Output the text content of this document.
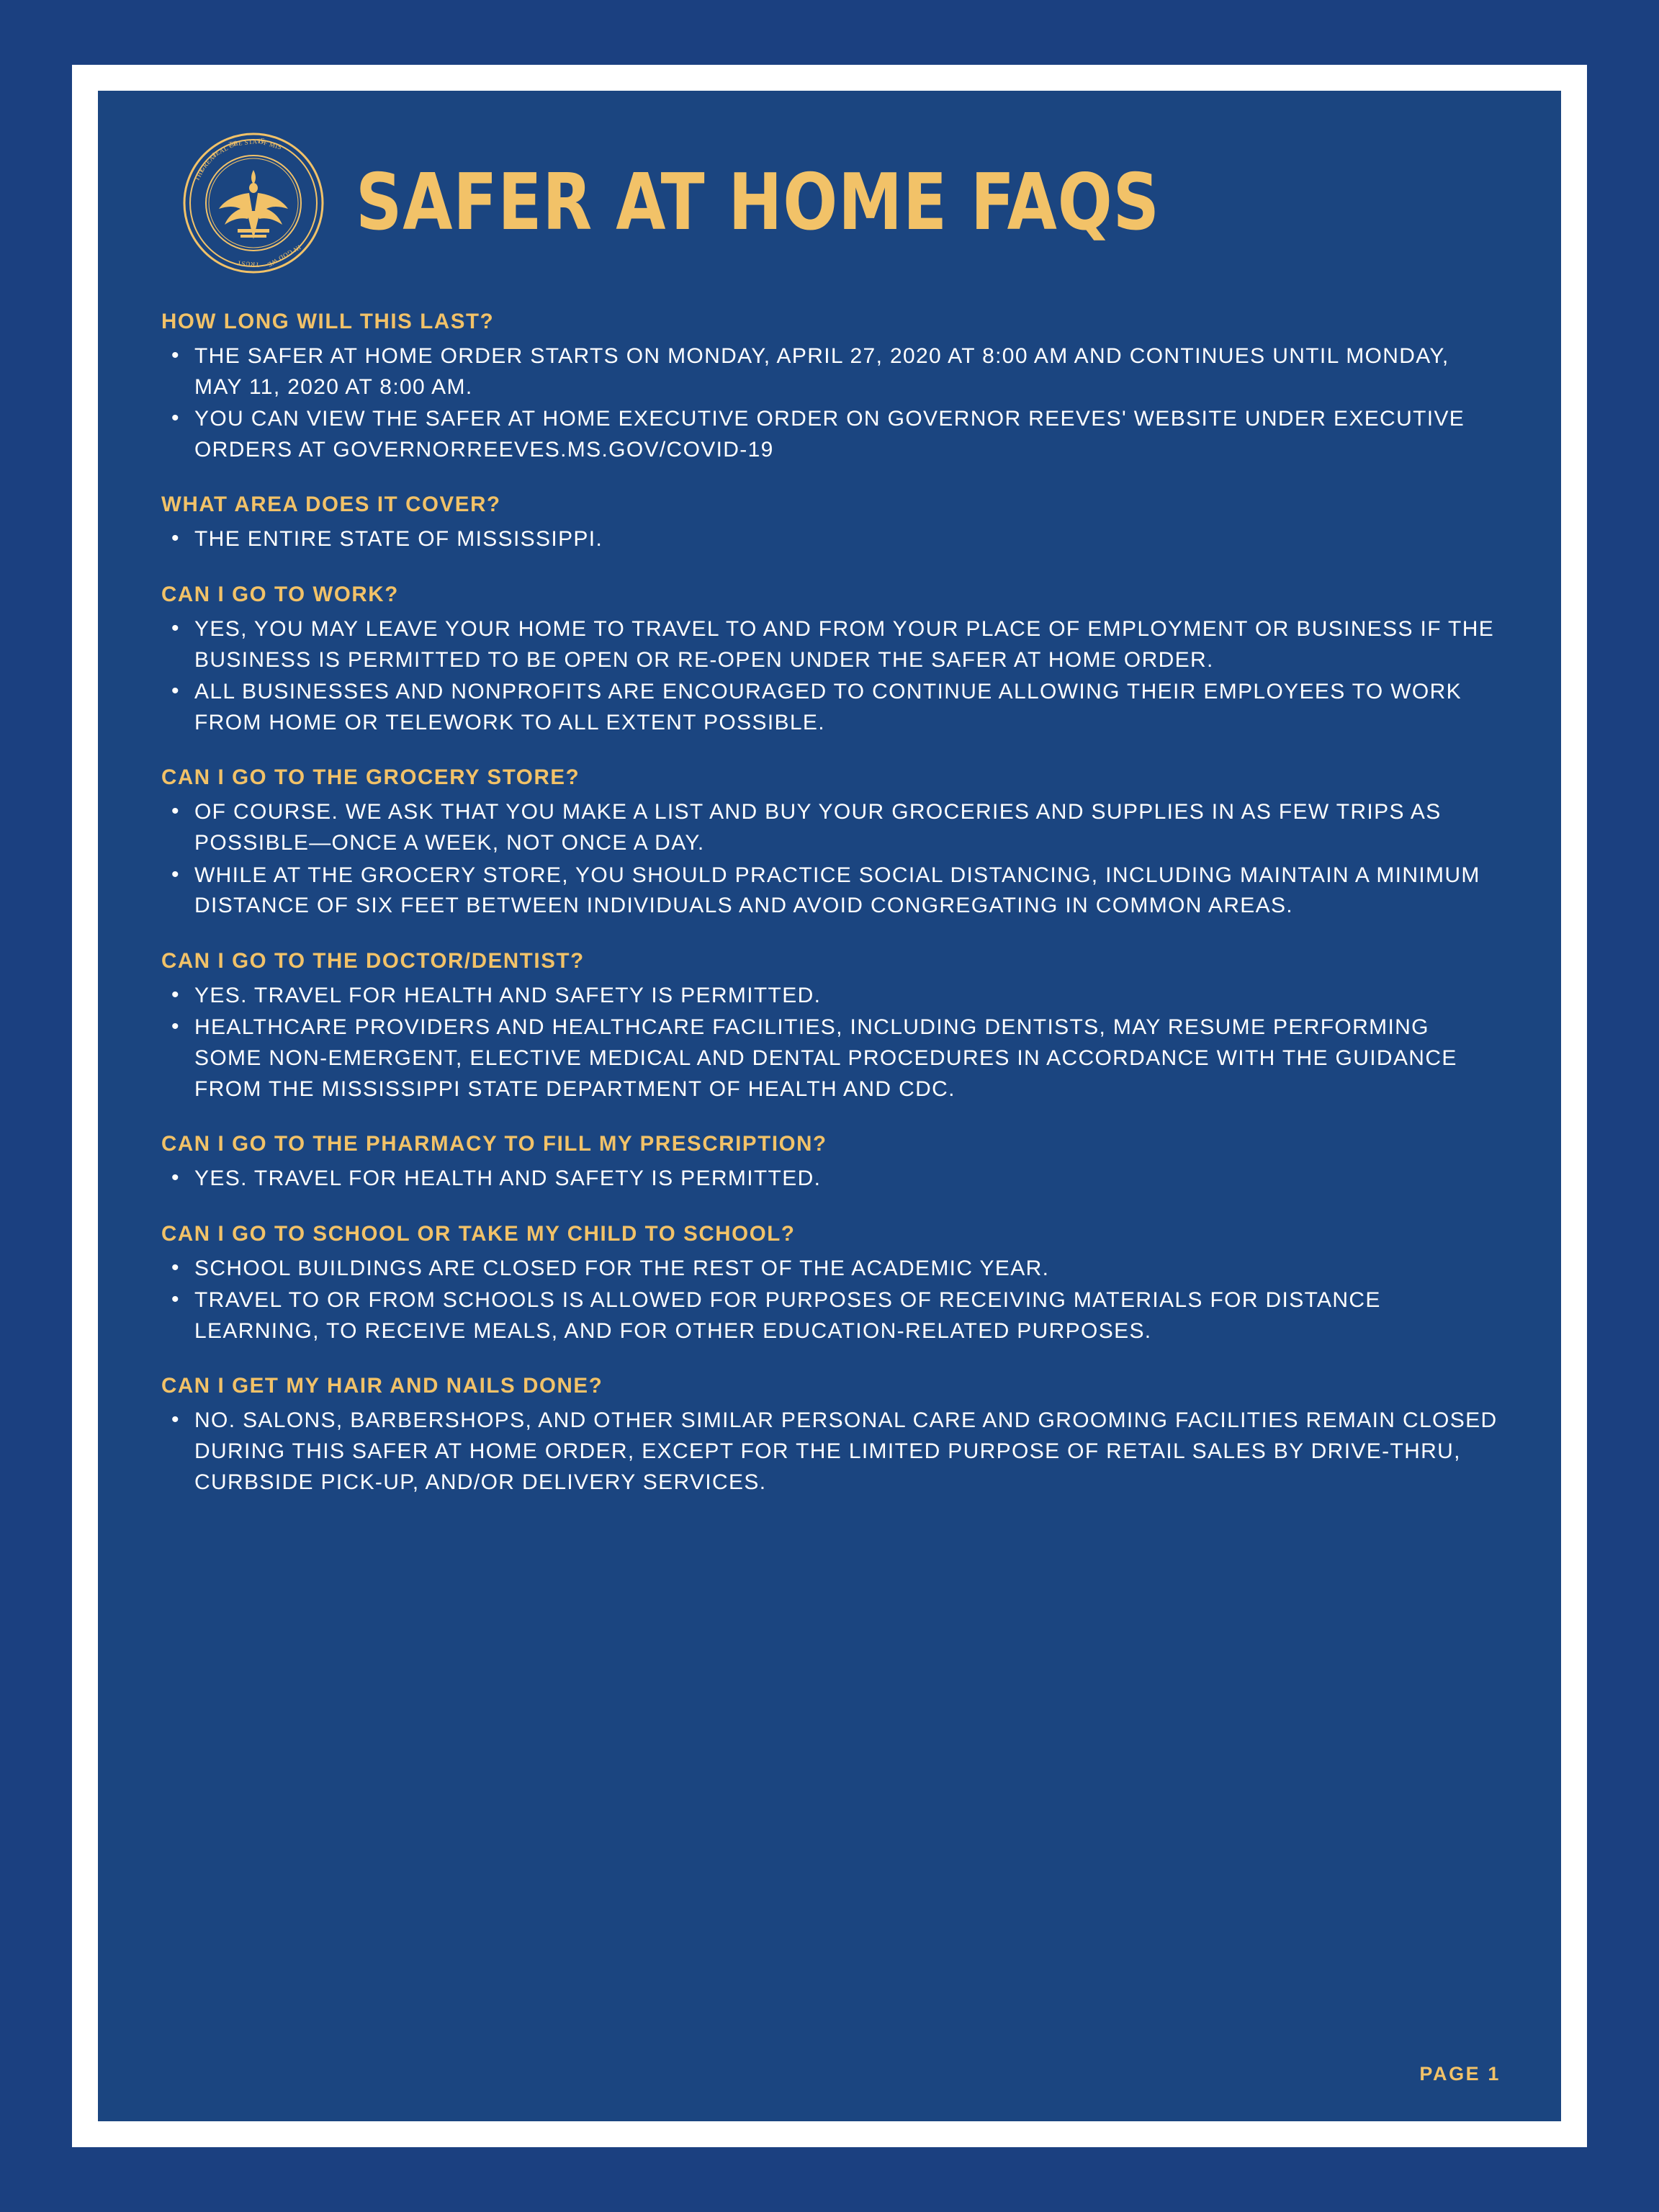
THE
GREAT
SEAL OF
THE STATE
OF MIS
IN GOD WE
TRUST
SAFER AT HOME FAQS
HOW LONG WILL THIS LAST?
• THE SAFER AT HOME ORDER STARTS ON MONDAY, APRIL 27, 2020 AT 8:00 AM AND CONTINUES UNTIL MONDAY, MAY 11, 2020 AT 8:00 AM.
• YOU CAN VIEW THE SAFER AT HOME EXECUTIVE ORDER ON GOVERNOR REEVES' WEBSITE UNDER EXECUTIVE ORDERS AT GOVERNORREEVES.MS.GOV/COVID-19
WHAT AREA DOES IT COVER?
• THE ENTIRE STATE OF MISSISSIPPI.
CAN I GO TO WORK?
• YES, YOU MAY LEAVE YOUR HOME TO TRAVEL TO AND FROM YOUR PLACE OF EMPLOYMENT OR BUSINESS IF THE BUSINESS IS PERMITTED TO BE OPEN OR RE-OPEN UNDER THE SAFER AT HOME ORDER.
• ALL BUSINESSES AND NONPROFITS ARE ENCOURAGED TO CONTINUE ALLOWING THEIR EMPLOYEES TO WORK FROM HOME OR TELEWORK TO ALL EXTENT POSSIBLE.
CAN I GO TO THE GROCERY STORE?
• OF COURSE. WE ASK THAT YOU MAKE A LIST AND BUY YOUR GROCERIES AND SUPPLIES IN AS FEW TRIPS AS POSSIBLE—ONCE A WEEK, NOT ONCE A DAY.
• WHILE AT THE GROCERY STORE, YOU SHOULD PRACTICE SOCIAL DISTANCING, INCLUDING MAINTAIN A MINIMUM DISTANCE OF SIX FEET BETWEEN INDIVIDUALS AND AVOID CONGREGATING IN COMMON AREAS.
CAN I GO TO THE DOCTOR/DENTIST?
• YES. TRAVEL FOR HEALTH AND SAFETY IS PERMITTED.
• HEALTHCARE PROVIDERS AND HEALTHCARE FACILITIES, INCLUDING DENTISTS, MAY RESUME PERFORMING SOME NON-EMERGENT, ELECTIVE MEDICAL AND DENTAL PROCEDURES IN ACCORDANCE WITH THE GUIDANCE FROM THE MISSISSIPPI STATE DEPARTMENT OF HEALTH AND CDC.
CAN I GO TO THE PHARMACY TO FILL MY PRESCRIPTION?
• YES. TRAVEL FOR HEALTH AND SAFETY IS PERMITTED.
CAN I GO TO SCHOOL OR TAKE MY CHILD TO SCHOOL?
• SCHOOL BUILDINGS ARE CLOSED FOR THE REST OF THE ACADEMIC YEAR.
• TRAVEL TO OR FROM SCHOOLS IS ALLOWED FOR PURPOSES OF RECEIVING MATERIALS FOR DISTANCE LEARNING, TO RECEIVE MEALS, AND FOR OTHER EDUCATION-RELATED PURPOSES.
CAN I GET MY HAIR AND NAILS DONE?
• NO. SALONS, BARBERSHOPS, AND OTHER SIMILAR PERSONAL CARE AND GROOMING FACILITIES REMAIN CLOSED DURING THIS SAFER AT HOME ORDER, EXCEPT FOR THE LIMITED PURPOSE OF RETAIL SALES BY DRIVE-THRU, CURBSIDE PICK-UP, AND/OR DELIVERY SERVICES.
PAGE 1
